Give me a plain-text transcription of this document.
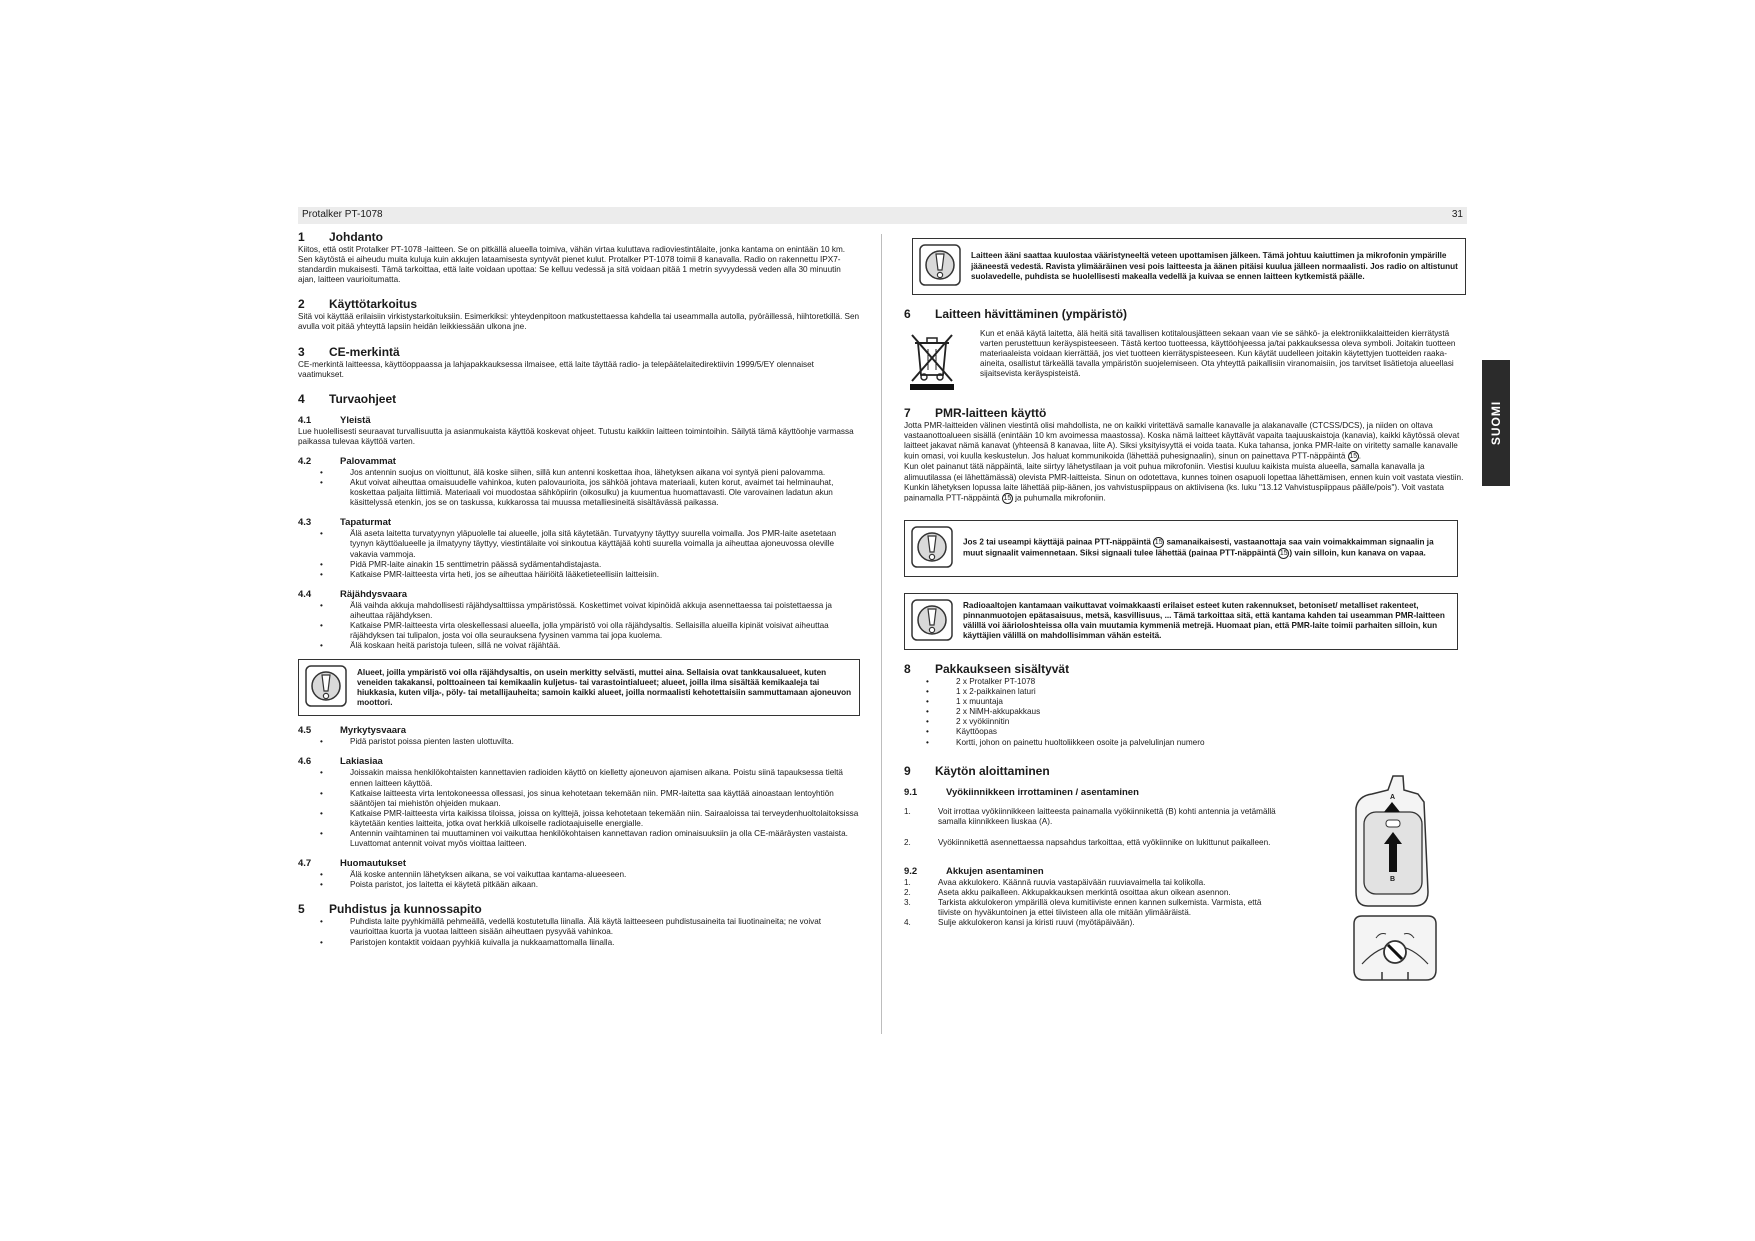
Protalker PT-1078	31
SUOMI
1	Johdanto

Kiitos, että ostit Protalker PT-1078 -laitteen. Se on pitkällä alueella toimiva, vähän virtaa kuluttava radioviestintälaite, jonka kantama on enintään 10 km. Sen käytöstä ei aiheudu muita kuluja kuin akkujen lataamisesta syntyvät pienet kulut. Protalker PT-1078 toimii 8 kanavalla. Radio on rakennettu IPX7-standardin mukaisesti. Tämä tarkoittaa, että laite voidaan upottaa: Se kelluu vedessä ja sitä voidaan pitää 1 metrin syvyydessä veden alla 30 minuutin ajan, laitteen vaurioitumatta.

2	Käyttötarkoitus

Sitä voi käyttää erilaisiin virkistystarkoituksiin. Esimerkiksi: yhteydenpitoon matkustettaessa kahdella tai useammalla autolla, pyöräillessä, hiihtoretkillä. Sen avulla voit pitää yhteyttä lapsiin heidän leikkiessään ulkona jne.

3	CE-merkintä

CE-merkintä laitteessa, käyttöoppaassa ja lahjapakkauksessa ilmaisee, että laite täyttää radio- ja telepäätelaitedirektiivin 1999/5/EY olennaiset vaatimukset.

4	Turvaohjeet
4.1	Yleistä

Lue huolellisesti seuraavat turvallisuutta ja asianmukaista käyttöä koskevat ohjeet. Tutustu kaikkiin laitteen toimintoihin. Säilytä tämä käyttöohje varmassa paikassa tulevaa käyttöä varten.

4.2	Palovammat
•	Jos antennin suojus on vioittunut, älä koske siihen, sillä kun antenni koskettaa ihoa, lähetyksen aikana voi syntyä pieni palovamma.
•	Akut voivat aiheuttaa omaisuudelle vahinkoa, kuten palovaurioita, jos sähköä johtava materiaali, kuten korut, avaimet tai helminauhat, koskettaa paljaita liittimiä. Materiaali voi muodostaa sähköpiirin (oikosulku) ja kuumentua huomattavasti. Ole varovainen ladatun akun käsittelyssä etenkin, jos se on taskussa, kukkarossa tai muussa metalliesineitä sisältävässä paikassa.
4.3	Tapaturmat
•	Älä aseta laitetta turvatyynyn yläpuolelle tai alueelle, jolla sitä käytetään. Turvatyyny täyttyy suurella voimalla. Jos PMR-laite asetetaan tyynyn käyttöalueelle ja ilmatyyny täyttyy, viestintälaite voi sinkoutua käyttäjää kohti suurella voimalla ja aiheuttaa ajoneuvossa oleville vakavia vammoja.
•	Pidä PMR-laite ainakin 15 senttimetrin päässä sydämentahdistajasta.
•	Katkaise PMR-laitteesta virta heti, jos se aiheuttaa häiriöitä lääketieteellisiin laitteisiin.
4.4	Räjähdysvaara
•	Älä vaihda akkuja mahdollisesti räjähdysalttiissa ympäristössä. Koskettimet voivat kipinöidä akkuja asennettaessa tai poistettaessa ja aiheuttaa räjähdyksen.
•	Katkaise PMR-laitteesta virta oleskellessasi alueella, jolla ympäristö voi olla räjähdysaltis. Sellaisilla alueilla kipinät voisivat aiheuttaa räjähdyksen tai tulipalon, josta voi olla seurauksena fyysinen vamma tai jopa kuolema.
•	Älä koskaan heitä paristoja tuleen, sillä ne voivat räjähtää.
Alueet, joilla ympäristö voi olla räjähdysaltis, on usein merkitty selvästi, muttei aina. Sellaisia ovat tankkausalueet, kuten veneiden takakansi, polttoaineen tai kemikaalin kuljetus- tai varastointialueet; alueet, joilla ilma sisältää kemikaaleja tai hiukkasia, kuten vilja-, pöly- tai metallijauheita; samoin kaikki alueet, joilla normaalisti kehotettaisiin sammuttamaan ajoneuvon moottori.
4.5	Myrkytysvaara
•	Pidä paristot poissa pienten lasten ulottuvilta.
4.6	Lakiasiaa
•	Joissakin maissa henkilökohtaisten kannettavien radioiden käyttö on kielletty ajoneuvon ajamisen aikana. Poistu siinä tapauksessa tieltä ennen laitteen käyttöä.
•	Katkaise laitteesta virta lentokoneessa ollessasi, jos sinua kehotetaan tekemään niin. PMR-laitetta saa käyttää ainoastaan lentoyhtiön sääntöjen tai miehistön ohjeiden mukaan.
•	Katkaise PMR-laitteesta virta kaikissa tiloissa, joissa on kylttejä, joissa kehotetaan tekemään niin. Sairaaloissa tai terveydenhuoltolaitoksissa käytetään kenties laitteita, jotka ovat herkkiä ulkoiselle radiotaajuiselle energialle.
•	Antennin vaihtaminen tai muuttaminen voi vaikuttaa henkilökohtaisen kannettavan radion ominaisuuksiin ja olla CE-määräysten vastaista. Luvattomat antennit voivat myös vioittaa laitteen.
4.7	Huomautukset
•	Älä koske antenniin lähetyksen aikana, se voi vaikuttaa kantama-alueeseen.
•	Poista paristot, jos laitetta ei käytetä pitkään aikaan.
5	Puhdistus ja kunnossapito
•	Puhdista laite pyyhkimällä pehmeällä, vedellä kostutetulla liinalla. Älä käytä laitteeseen puhdistusaineita tai liuotinaineita; ne voivat vaurioittaa kuorta ja vuotaa laitteen sisään aiheuttaen pysyvää vahinkoa.
•	Paristojen kontaktit voidaan pyyhkiä kuivalla ja nukkaamattomalla liinalla.
Laitteen ääni saattaa kuulostaa vääristyneeltä veteen upottamisen jälkeen. Tämä johtuu kaiuttimen ja mikrofonin ympärille jääneestä vedestä. Ravista ylimääräinen vesi pois laitteesta ja äänen pitäisi kuulua jälleen normaalisti. Jos radio on altistunut suolavedelle, puhdista se huolellisesti makealla vedellä ja kuivaa se ennen laitteen kytkemistä päälle.
6	Laitteen hävittäminen (ympäristö)
Kun et enää käytä laitetta, älä heitä sitä tavallisen kotitalousjätteen sekaan vaan vie se sähkö- ja elektroniikkalaitteiden kierrätystä varten perustettuun keräyspisteeseen. Tästä kertoo tuotteessa, käyttöohjeessa ja/tai pakkauksessa oleva symboli. Joitakin tuotteen materiaaleista voidaan kierrättää, jos viet tuotteen kierrätyspisteeseen. Kun käytät uudelleen joitakin käytettyjen tuotteiden raaka-aineita, osallistut tärkeällä tavalla ympäristön suojelemiseen. Ota yhteyttä paikallisiin viranomaisiin, jos tarvitset lisätietoja alueellasi sijaitsevista keräyspisteistä.
7	PMR-laitteen käyttö

Jotta PMR-laitteiden välinen viestintä olisi mahdollista, ne on kaikki viritettävä samalle kanavalle ja alakanavalle (CTCSS/DCS), ja niiden on oltava vastaanottoalueen sisällä (enintään 10 km avoimessa maastossa). Koska nämä laitteet käyttävät vapaita taajuuskaistoja (kanavia), kaikki käytössä olevat laitteet jakavat nämä kanavat (yhteensä 8 kanavaa, liite A). Siksi yksityisyyttä ei voida taata. Kuka tahansa, jonka PMR-laite on viritetty samalle kanavalle kuin omasi, voi kuulla keskustelun. Jos haluat kommunikoida (lähettää puhesignaalin), sinun on painettava PTT-näppäintä 15 .
Kun olet painanut tätä näppäintä, laite siirtyy lähetystilaan ja voit puhua mikrofoniin. Viestisi kuuluu kaikista muista alueella, samalla kanavalla ja alimuutilassa (ei lähettämässä) olevista PMR-laitteista. Sinun on odotettava, kunnes toinen osapuoli lopettaa lähettämisen, ennen kuin voit vastata viestiin. Kunkin lähetyksen lopussa laite lähettää piip-äänen, jos vahvistuspiippaus on aktiivisena (ks. luku "13.12 Vahvistuspiippaus päälle/pois"). Voit vastata painamalla PTT-näppäintä 15 ja puhumalla mikrofoniin.

Jos 2 tai useampi käyttäjä painaa PTT-näppäintä 15 samanaikaisesti, vastaanottaja saa vain voimakkaimman signaalin ja muut signaalit vaimennetaan. Siksi signaali tulee lähettää (painaa PTT-näppäintä 15 ) vain silloin, kun kanava on vapaa.
Radioaaltojen kantamaan vaikuttavat voimakkaasti erilaiset esteet kuten rakennukset, betoniset/ metalliset rakenteet, pinnanmuotojen epätasaisuus, metsä, kasvillisuus, ... Tämä tarkoittaa sitä, että kantama kahden tai useamman PMR-laitteen välillä voi äärioloshteissa olla vain muutamia kymmeniä metrejä. Huomaat pian, että PMR-laite toimii parhaiten silloin, kun käyttäjien välillä on mahdollisimman vähän esteitä.
8	Pakkaukseen sisältyvät
•	2 x Protalker PT-1078
•	1 x 2-paikkainen laturi
•	1 x muuntaja
•	2 x NiMH-akkupakkaus
•	2 x vyökiinnitin
•	Käyttöopas
•	Kortti, johon on painettu huoltoliikkeen osoite ja palvelulinjan numero
9	Käytön aloittaminen
9.1	Vyökiinnikkeen irrottaminen / asentaminen
1.	Voit irrottaa vyökiinnikkeen laitteesta painamalla vyökiinnikettä (B) kohti antennia ja vetämällä samalla kiinnikkeen liuskaa (A).
2.	Vyökiinnikettä asennettaessa napsahdus tarkoittaa, että vyökiinnike on lukittunut paikalleen.
9.2	Akkujen asentaminen
1.	Avaa akkulokero. Käännä ruuvia vastapäivään ruuviavaimella tai kolikolla.
2.	Aseta akku paikalleen. Akkupakkauksen merkintä osoittaa akun oikean asennon.
3.	Tarkista akkulokeron ympärillä oleva kumitiiviste ennen kannen sulkemista. Varmista, että tiiviste on hyväkuntoinen ja ettei tiivisteen alla ole mitään ylimääräistä.
4.	Sulje akkulokeron kansi ja kiristi ruuvi (myötäpäivään).
A
B
